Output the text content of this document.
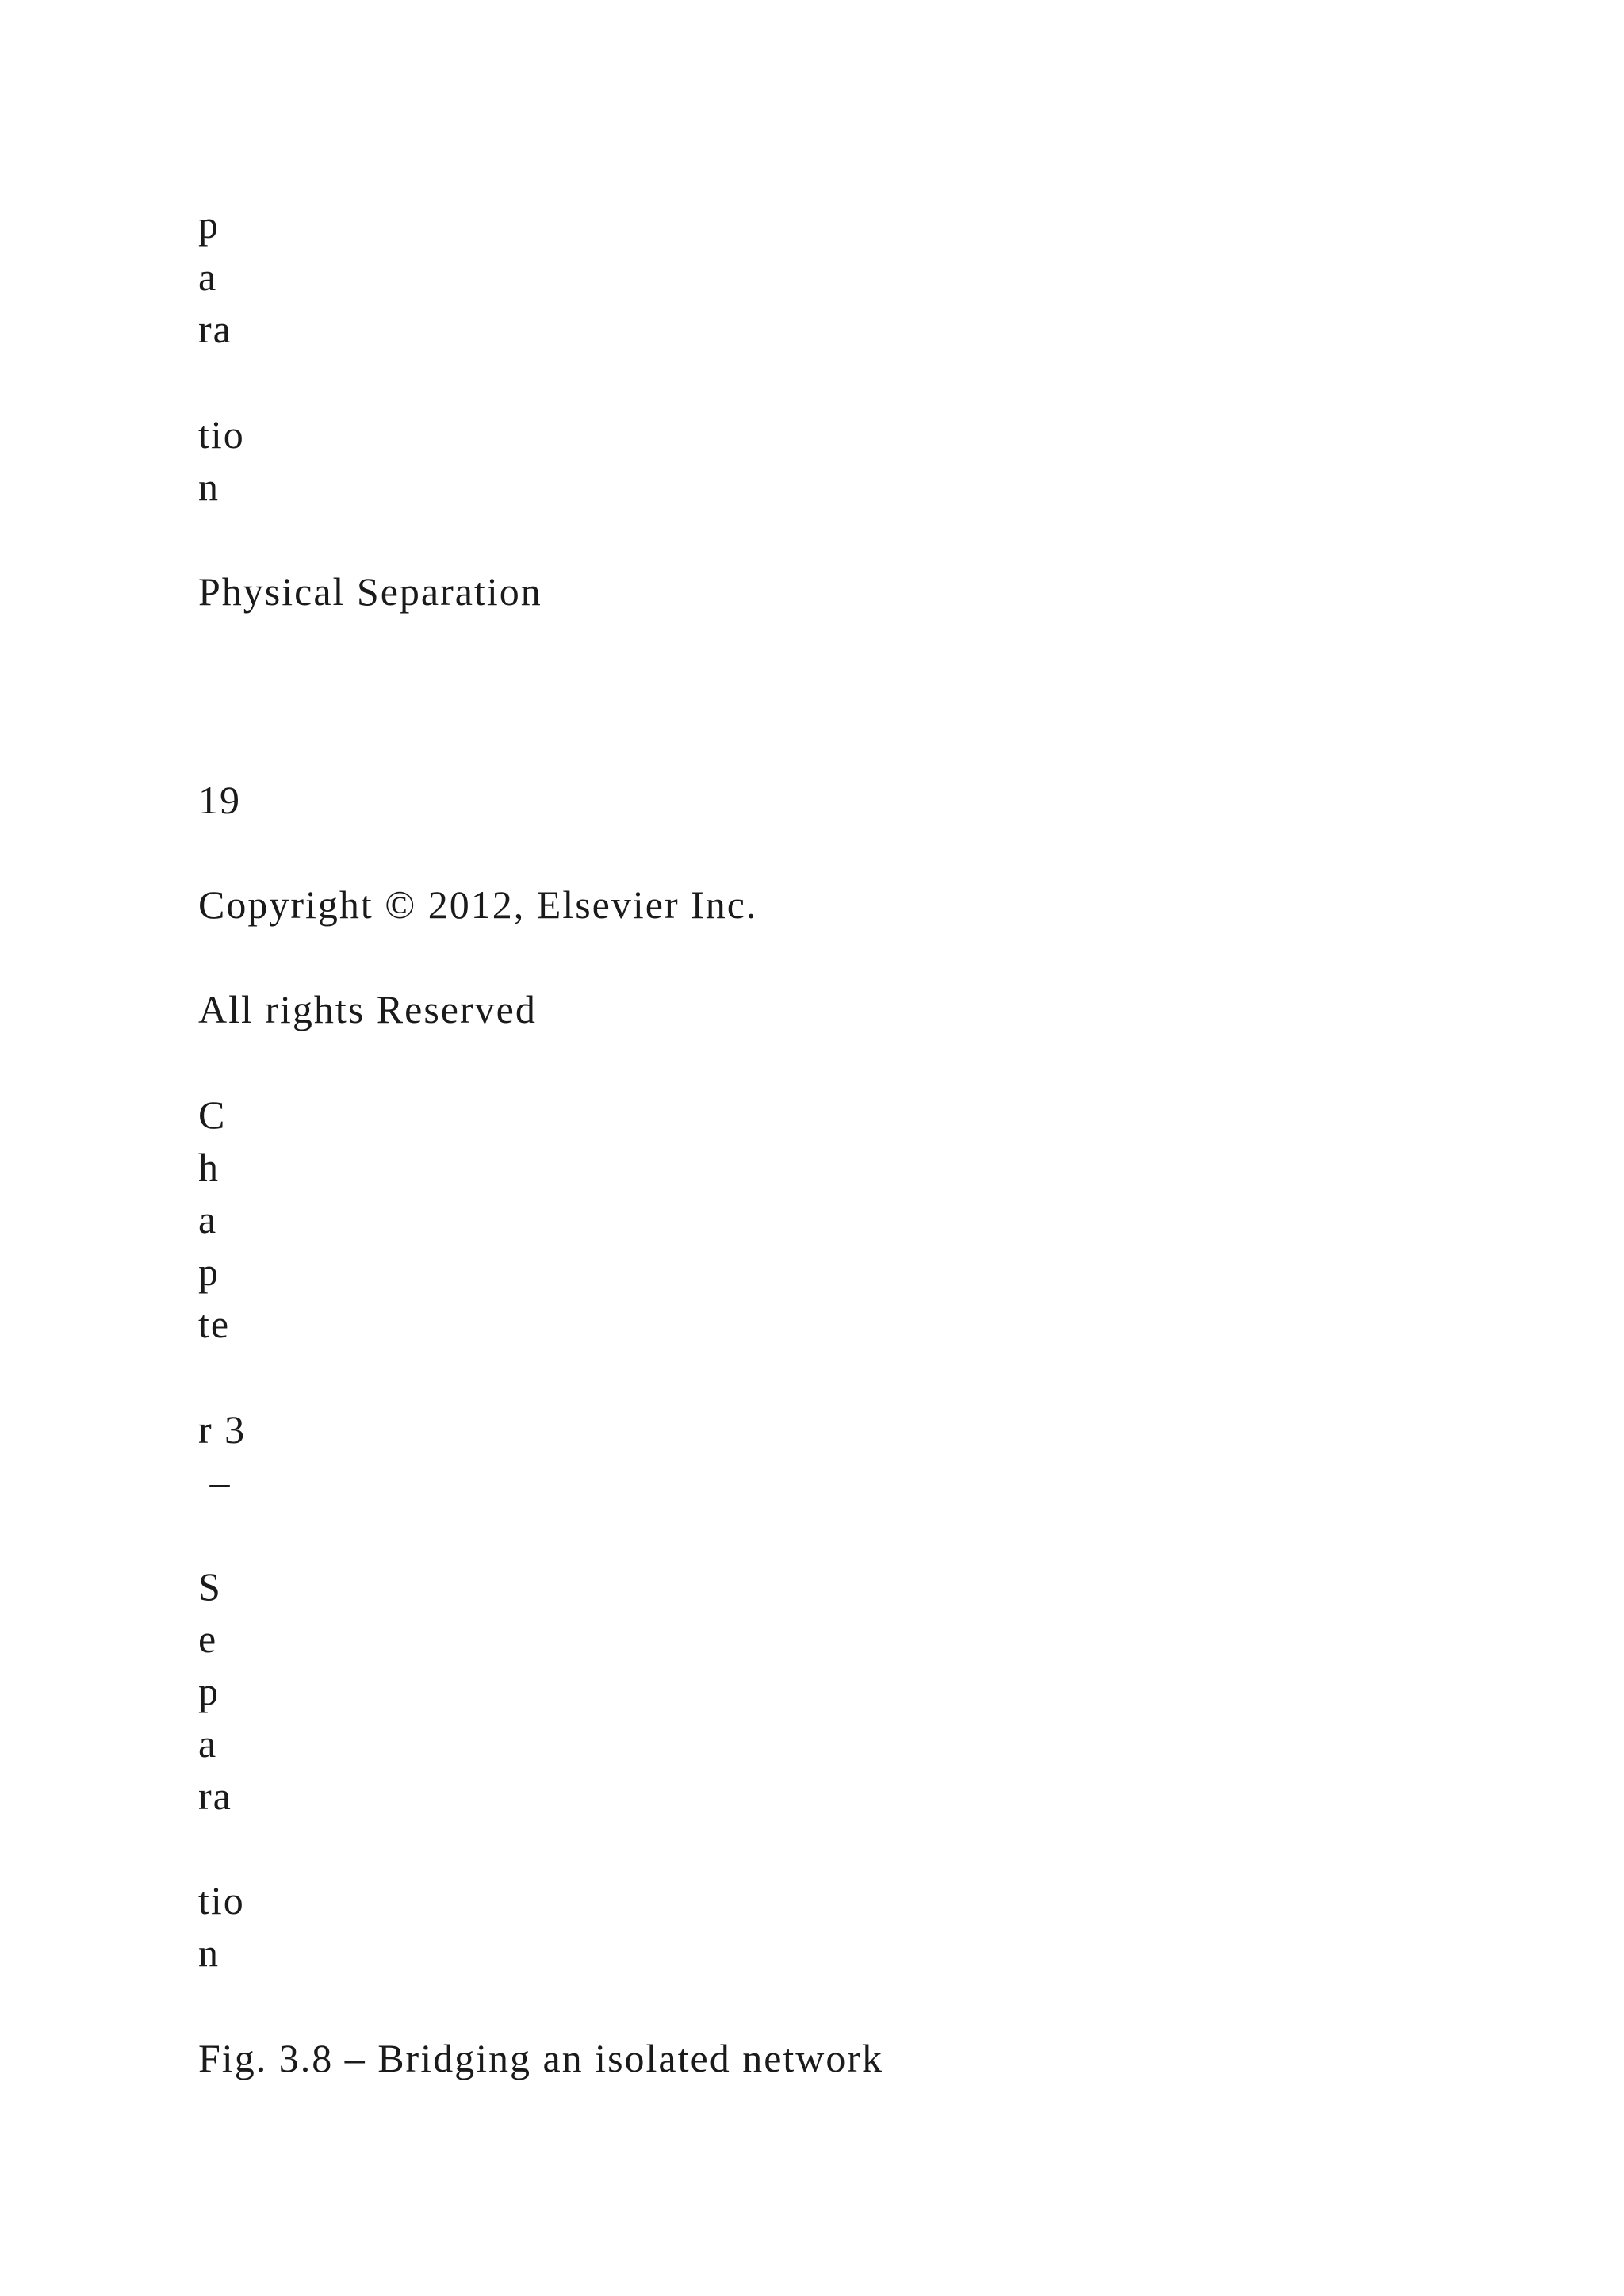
p
a
ra
tio
n
Physical Separation
19
Copyright © 2012, Elsevier Inc.
All rights Reserved
C
h
a
p
te
r 3
–
S
e
p
a
ra
tio
n
Fig. 3.8 – Bridging an isolated network
